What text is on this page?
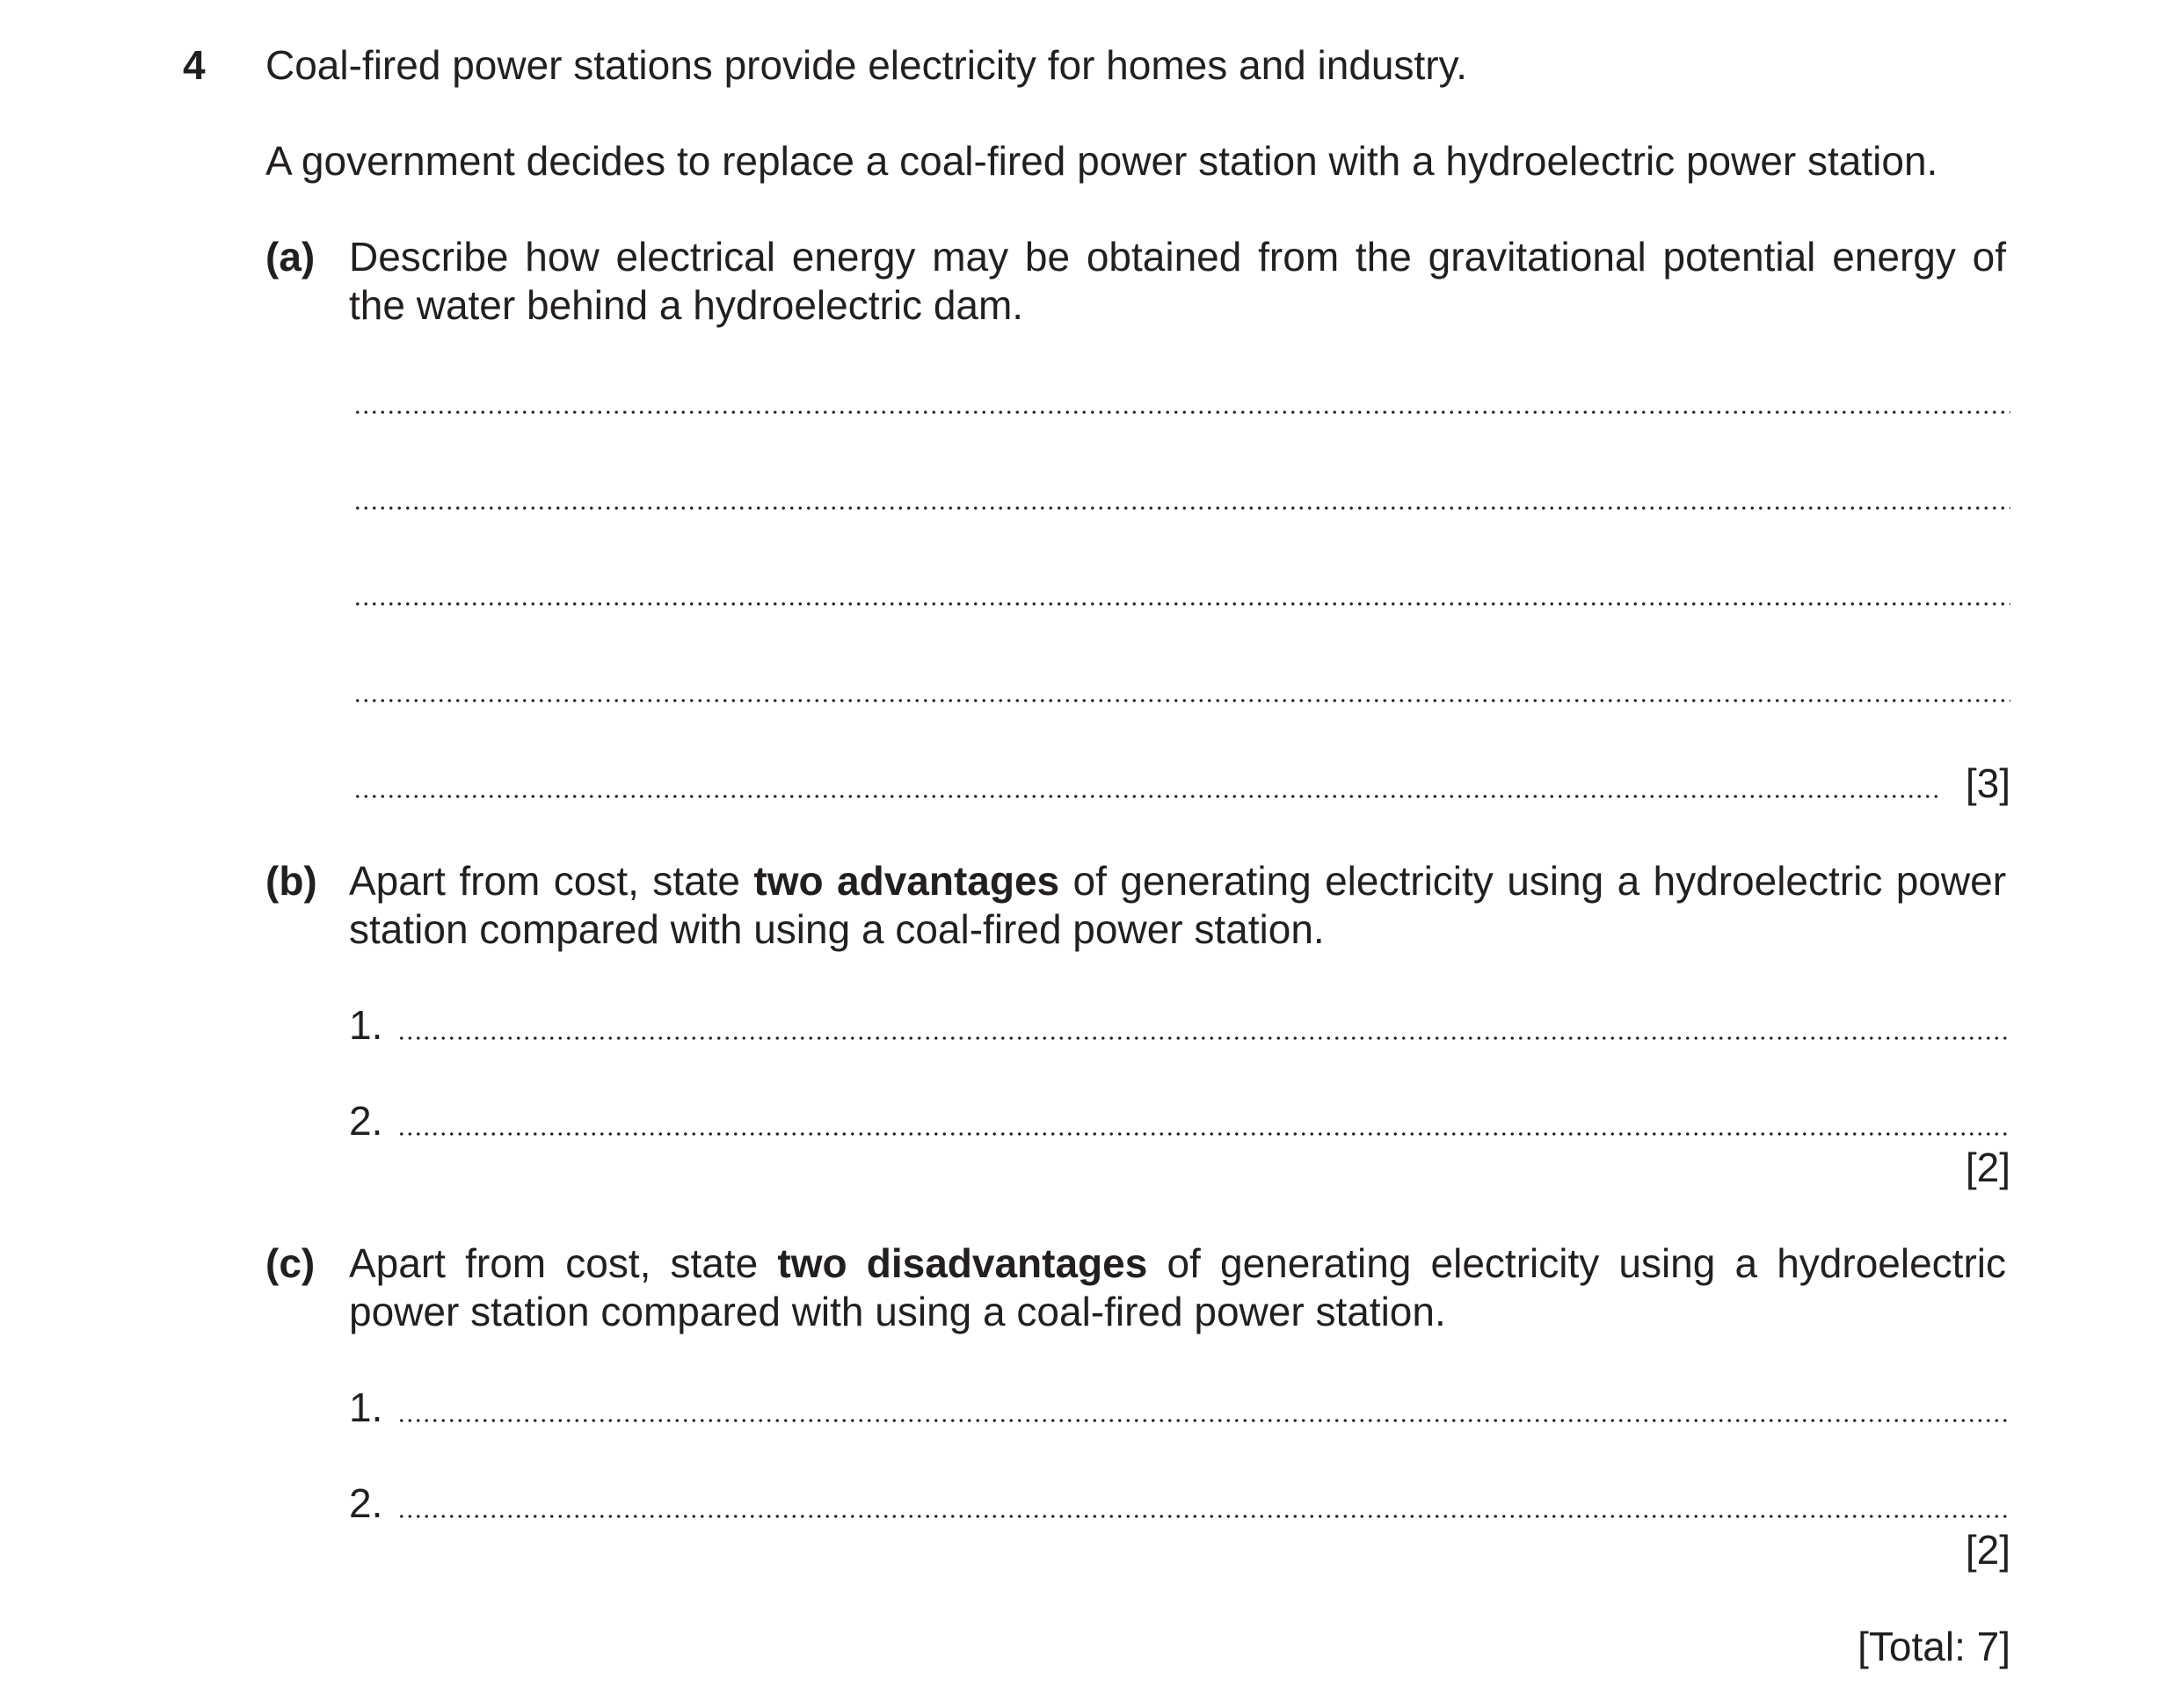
4 Coal-fired power stations provide electricity for homes and industry.
A government decides to replace a coal-fired power station with a hydroelectric power station.
(a) Describe how electrical energy may be obtained from the gravitational potential energy of the water behind a hydroelectric dam.
[3]
(b) Apart from cost, state two advantages of generating electricity using a hydroelectric power station compared with using a coal-fired power station.
1.
2.
[2]
(c) Apart from cost, state two disadvantages of generating electricity using a hydroelectric power station compared with using a coal-fired power station.
1.
2.
[2]
[Total: 7]
